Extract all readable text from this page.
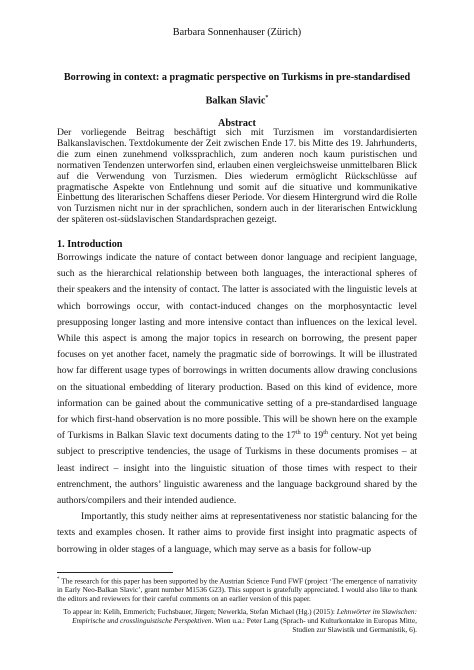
Barbara Sonnenhauser (Zürich)
Borrowing in context: a pragmatic perspective on Turkisms in pre-standardised Balkan Slavic*
Abstract
Der vorliegende Beitrag beschäftigt sich mit Turzismen im vorstandardisierten Balkanslavischen. Textdokumente der Zeit zwischen Ende 17. bis Mitte des 19. Jahrhunderts, die zum einen zunehmend volkssprachlich, zum anderen noch kaum puristischen und normativen Tendenzen unterworfen sind, erlauben einen vergleichsweise unmittelbaren Blick auf die Verwendung von Turzismen. Dies wiederum ermöglicht Rückschlüsse auf pragmatische Aspekte von Entlehnung und somit auf die situative und kommunikative Einbettung des literarischen Schaffens dieser Periode. Vor diesem Hintergrund wird die Rolle von Turzismen nicht nur in der sprachlichen, sondern auch in der literarischen Entwicklung der späteren ost-südslavischen Standardsprachen gezeigt.
1. Introduction

Borrowings indicate the nature of contact between donor language and recipient language, such as the hierarchical relationship between both languages, the interactional spheres of their speakers and the intensity of contact. The latter is associated with the linguistic levels at which borrowings occur, with contact-induced changes on the morphosyntactic level presupposing longer lasting and more intensive contact than influences on the lexical level. While this aspect is among the major topics in research on borrowing, the present paper focuses on yet another facet, namely the pragmatic side of borrowings. It will be illustrated how far different usage types of borrowings in written documents allow drawing conclusions on the situational embedding of literary production. Based on this kind of evidence, more information can be gained about the communicative setting of a pre-standardised language for which first-hand observation is no more possible. This will be shown here on the example of Turkisms in Balkan Slavic text documents dating to the 17th to 19th century. Not yet being subject to prescriptive tendencies, the usage of Turkisms in these documents promises – at least indirect – insight into the linguistic situation of those times with respect to their entrenchment, the authors’ linguistic awareness and the language background shared by the authors/compilers and their intended audience.

Importantly, this study neither aims at representativeness nor statistic balancing for the texts and examples chosen. It rather aims to provide first insight into pragmatic aspects of borrowing in older stages of a language, which may serve as a basis for follow-up

* The research for this paper has been supported by the Austrian Science Fund FWF (project ‘The emergence of narrativity in Early Neo-Balkan Slavic’, grant number M1536 G23). This support is gratefully appreciated. I would also like to thank the editors and reviewers for their careful comments on an earlier version of this paper.
To appear in: Kelih, Emmerich; Fuchsbauer, Jürgen; Newerkla, Stefan Michael (Hg.) (2015): Lehnwörter im Slawischen: Empirische und crosslinguistische Perspektiven. Wien u.a.: Peter Lang (Sprach- und Kulturkontakte in Europas Mitte, Studien zur Slawistik und Germanistik, 6).
